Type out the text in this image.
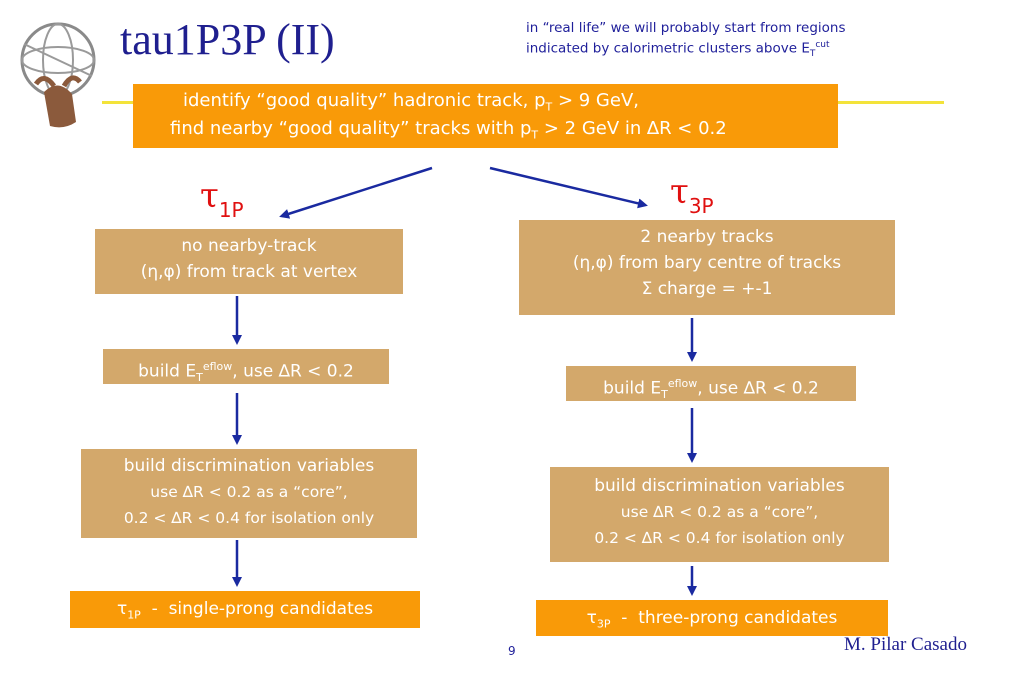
tau1P3P (II)	in “real life” we will probably start from regions
indicated by calorimetric clusters above $E_T^{cut}$
identify “good quality” hadronic track, $p_T > 9$ GeV,
find nearby “good quality” tracks with $p_T > 2$ GeV in ∆R < 0.2
$\tau_{1P}$	$\tau_{3P}$
no nearby-track
(η,φ) from track at vertex
build $E_T^{eflow}$, use ∆R < 0.2
build discrimination variables
use ∆R < 0.2 as a “core”,
0.2 < ∆R < 0.4 for isolation only
$\tau_{1P}$  -  single-prong candidates
2 nearby tracks
(η,φ) from bary centre of tracks
Σ charge = +-1
build $E_T^{eflow}$, use ∆R < 0.2
build discrimination variables
use ∆R < 0.2 as a “core”,
0.2 < ∆R < 0.4 for isolation only
$\tau_{3P}$  -  three-prong candidates
9	M. Pilar Casado
